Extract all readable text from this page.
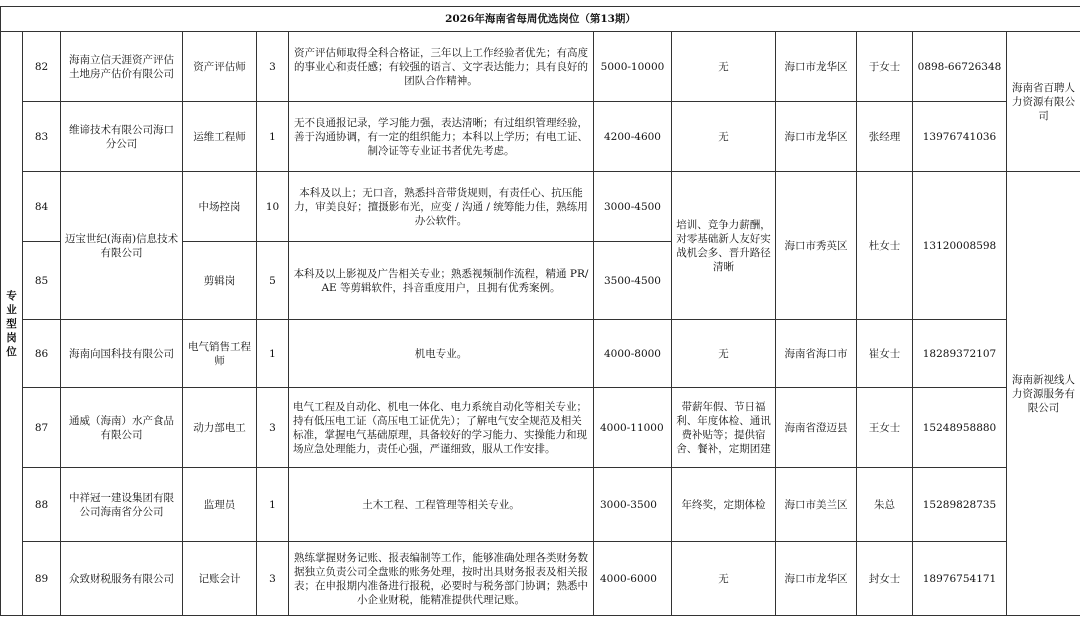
2026年海南省每周优选岗位（第13期）											

专业型岗位	82	海南立信天涯资产评估土地房产估价有限公司	资产评估师	3	资产评估师取得全科合格证，三年以上工作经验者优先；有高度的事业心和责任感；有较强的语言、文字表达能力；具有良好的团队合作精神。	5000-10000	无	海口市龙华区	于女士	0898-66726348	海南省百聘人力资源有限公司
	83	维谛技术有限公司海口分公司	运维工程师	1	无不良通报记录，学习能力强，表达清晰；有过组织管理经验，善于沟通协调，有一定的组织能力；本科以上学历；有电工证、制冷证等专业证书者优先考虑。	4200-4600	无	海口市龙华区	张经理	13976741036	
	84	迈宝世纪(海南)信息技术有限公司	中场控岗	10	本科及以上；无口音，熟悉抖音带货规则，有责任心、抗压能力，审美良好；擅摄影布光，应变 / 沟通 / 统筹能力佳，熟练用办公软件。	3000-4500	培训、竞争力薪酬，对零基础新人友好实战机会多、晋升路径清晰	海口市秀英区	杜女士	13120008598	海南新视线人力资源服务有限公司
	85		剪辑岗	5	本科及以上影视及广告相关专业；熟悉视频制作流程，精通 PR/AE 等剪辑软件，抖音重度用户，且拥有优秀案例。	3500-4500					
	86	海南向国科技有限公司	电气销售工程师	1	机电专业。	4000-8000	无	海南省海口市	崔女士	18289372107	
	87	通威（海南）水产食品有限公司	动力部电工	3	电气工程及自动化、机电一体化、电力系统自动化等相关专业；持有低压电工证（高压电工证优先）；了解电气安全规范及相关标准，掌握电气基础原理，具备较好的学习能力、实操能力和现场应急处理能力，责任心强，严谨细致，服从工作安排。	4000-11000	带薪年假、节日福利、年度体检、通讯费补贴等；提供宿舍、餐补，定期团建	海南省澄迈县	王女士	15248958880	
	88	中祥冠一建设集团有限公司海南省分公司	监理员	1	土木工程、工程管理等相关专业。	3000-3500	年终奖，定期体检	海口市美兰区	朱总	15289828735	
	89	众致财税服务有限公司	记账会计	3	熟练掌握财务记账、报表编制等工作，能够准确处理各类财务数据独立负责公司全盘账的账务处理，按时出具财务报表及相关报表；在申报期内准备进行报税，必要时与税务部门协调；熟悉中小企业财税，能精准提供代理记账。	4000-6000	无	海口市龙华区	封女士	18976754171	
